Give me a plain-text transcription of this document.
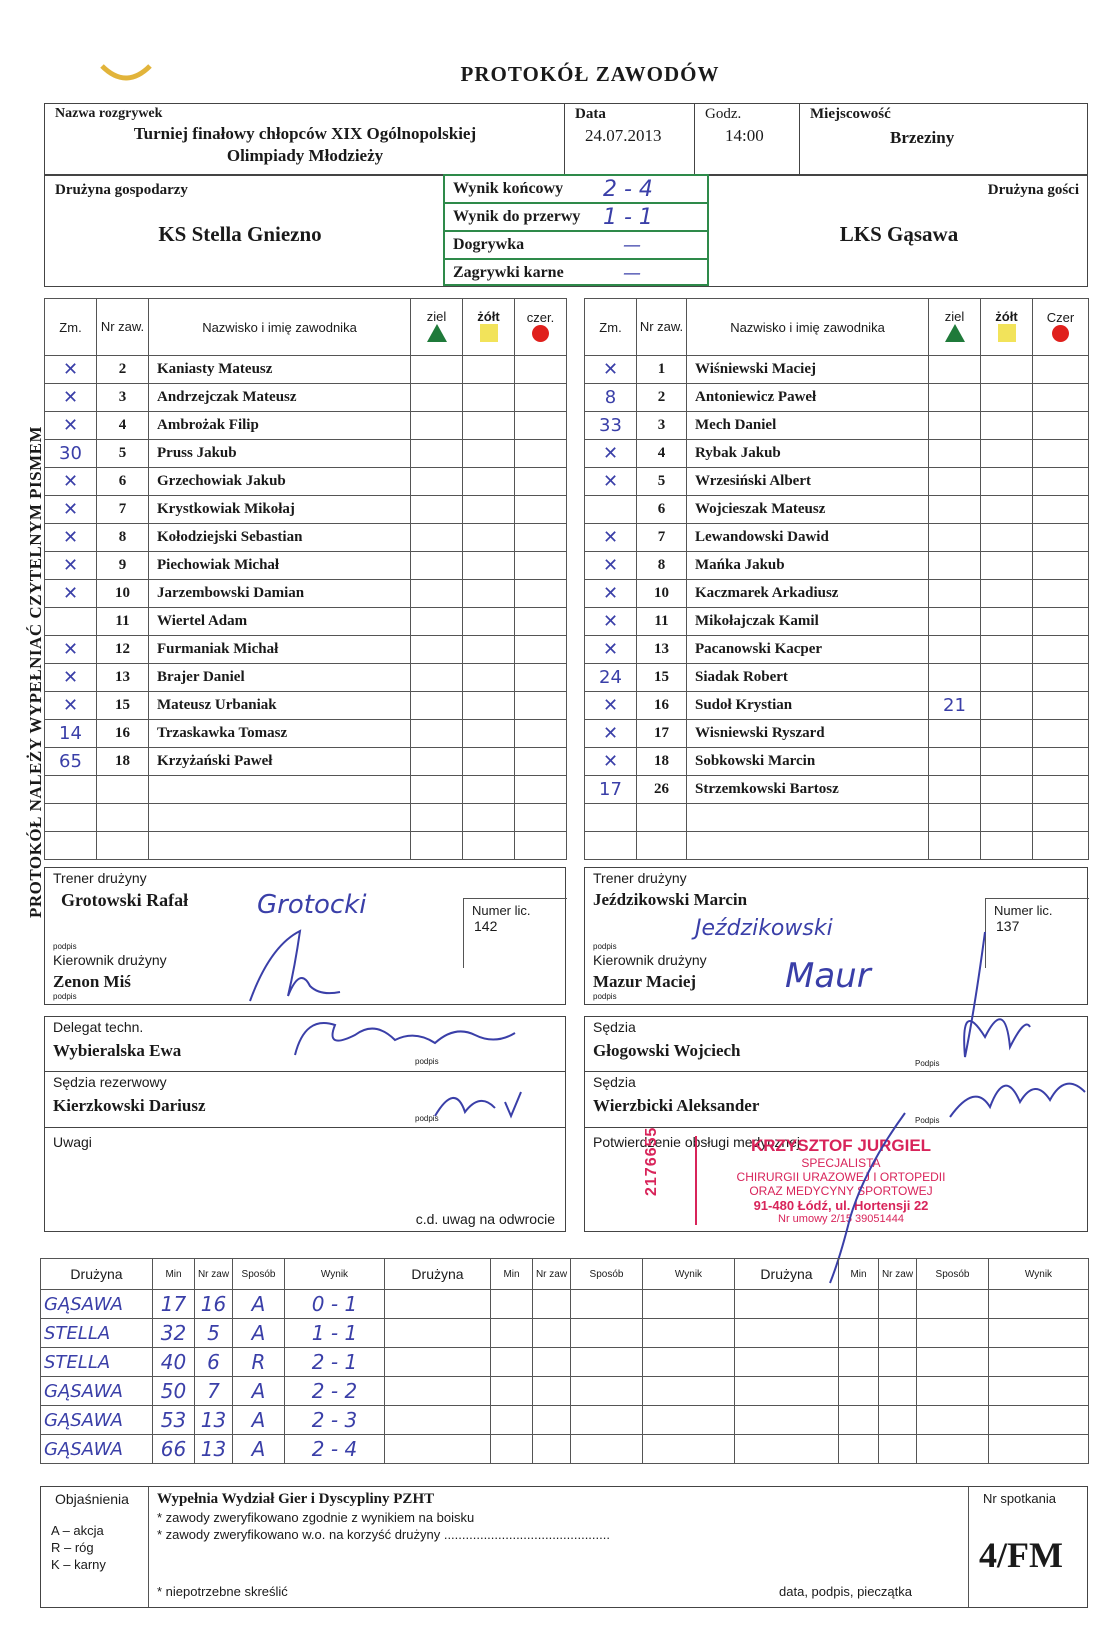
PROTOKÓŁ ZAWODÓW
PROTOKÓŁ NALEŻY WYPEŁNIAĆ CZYTELNYM PISMEM
Nazwa rozgrywek
Turniej finałowy chłopców XIX Ogólnopolskiej
Olimpiady Młodzieży
Data
24.07.2013
Godz.
14:00
Miejscowość
Brzeziny
Drużyna gospodarzy
KS Stella Gniezno
Drużyna gości
LKS Gąsawa
Wynik końcowy	2 - 4
Wynik do przerwy	1 - 1
Dogrywka	—
Zagrywki karne	—
Zm.	Nr zaw.	Nazwisko i imię zawodnika	ziel	żółt	czer.

✕	2	Kaniasty Mateusz			
✕	3	Andrzejczak Mateusz			
✕	4	Ambrożak Filip			
30	5	Pruss Jakub			
✕	6	Grzechowiak Jakub			
✕	7	Krystkowiak Mikołaj			
✕	8	Kołodziejski Sebastian			
✕	9	Piechowiak Michał			
✕	10	Jarzembowski Damian			
	11	Wiertel Adam			
✕	12	Furmaniak Michał			
✕	13	Brajer Daniel			
✕	15	Mateusz Urbaniak			
14	16	Trzaskawka Tomasz			
65	18	Krzyżański Paweł			

Zm.	Nr zaw.	Nazwisko i imię zawodnika	ziel	żółt	Czer

✕	1	Wiśniewski Maciej			
8	2	Antoniewicz Paweł			
33	3	Mech Daniel			
✕	4	Rybak Jakub			
✕	5	Wrzesiński Albert			
	6	Wojcieszak Mateusz			
✕	7	Lewandowski Dawid			
✕	8	Mańka Jakub			
✕	10	Kaczmarek Arkadiusz			
✕	11	Mikołajczak Kamil			
✕	13	Pacanowski Kacper			
24	15	Siadak Robert			
✕	16	Sudoł Krystian	21		
✕	17	Wisniewski Ryszard			
✕	18	Sobkowski Marcin			
17	26	Strzemkowski Bartosz			

Trener drużyny
Grotowski Rafał	Grotocki	Numer lic.
142
podpis
Kierownik drużyny
Zenon Miś
podpis
Trener drużyny
Jeździkowski Marcin
Jeździkowski
Numer lic.
137
podpis
Kierownik drużyny
Mazur Maciej
podpis
Maur
Delegat techn.
Wybieralska Ewa
podpis
Sędzia rezerwowy
Kierzkowski Dariusz
podpis
Uwagi
c.d. uwag na odwrocie
Sędzia
Głogowski Wojciech
Podpis
Sędzia
Wierzbicki Aleksander
Podpis
Potwierdzenie obsługi medycznej
2176655	KRZYSZTOF JURGIEL
SPECJALISTA
CHIRURGII URAZOWEJ I ORTOPEDII
ORAZ MEDYCYNY SPORTOWEJ
91-480 Łódź, ul. Hortensji 22
Nr umowy 2/15 39051444
Drużyna	Min	Nr zaw	Sposób	Wynik	Drużyna	Min	Nr zaw	Sposób	Wynik	Drużyna	Min	Nr zaw	Sposób	Wynik
GĄSAWA	17	16	A	0 - 1										
STELLA	32	5	A	1 - 1										
STELLA	40	6	R	2 - 1										
GĄSAWA	50	7	A	2 - 2										
GĄSAWA	53	13	A	2 - 3										
GĄSAWA	66	13	A	2 - 4										
Objaśnienia
A – akcja
R – róg
K – karny
Wypełnia Wydział Gier i Dyscypliny PZHT
* zawody zweryfikowano zgodnie z wynikiem na boisku
* zawody zweryfikowano w.o. na korzyść drużyny ..............................................
* niepotrzebne skreślić	data, podpis, pieczątka
Nr spotkania
4/FM
